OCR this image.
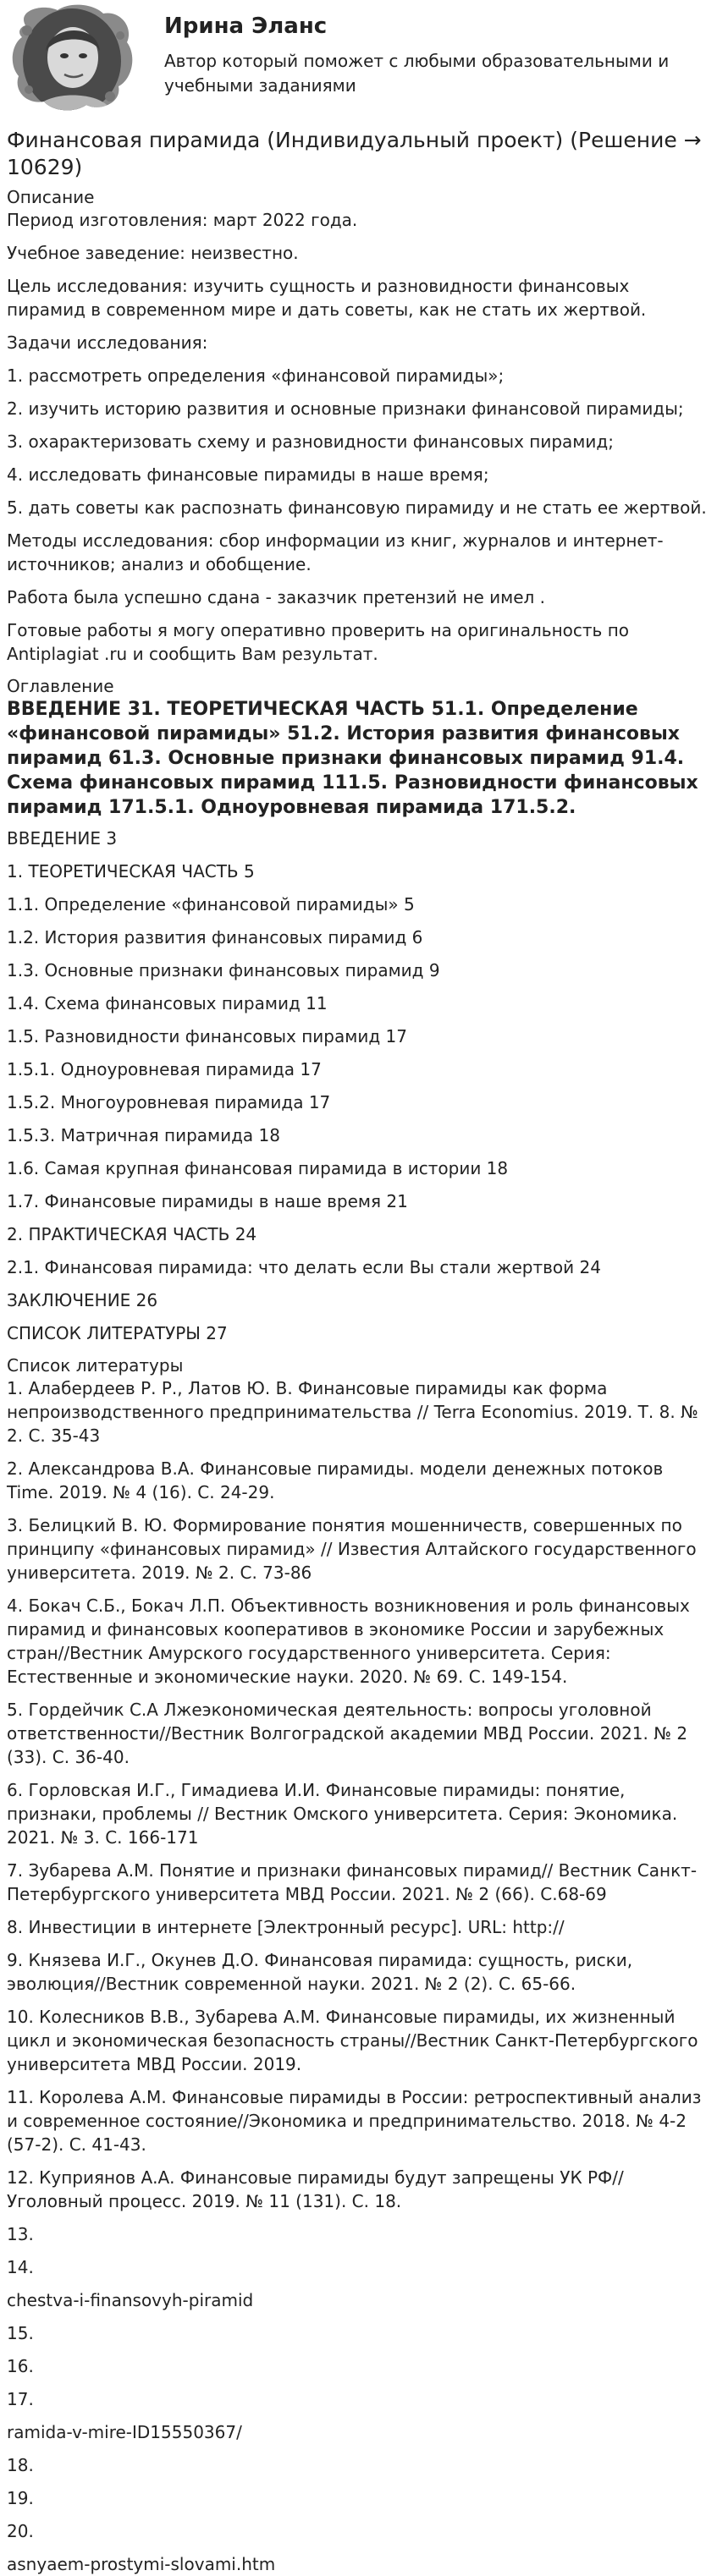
Ирина Эланс
Автор который поможет с любыми образовательными и учебными заданиями
Финансовая пирамида (Индивидуальный проект) (Решение → 10629)
Описание

Период изготовления: март 2022 года.

Учебное заведение: неизвестно.

Цель исследования: изучить сущность и разновидности финансовых пирамид в современном мире и дать советы, как не стать их жертвой.

Задачи исследования:

1. рассмотреть определения «финансовой пирамиды»;

2. изучить историю развития и основные признаки финансовой пирамиды;

3. охарактеризовать схему и разновидности финансовых пирамид;

4. исследовать финансовые пирамиды в наше время;

5. дать советы как распознать финансовую пирамиду и не стать ее жертвой.

Методы исследования: сбор информации из книг, журналов и интернет-источников; анализ и обобщение.

Работа была успешно сдана - заказчик претензий не имел .

Готовые работы я могу оперативно проверить на оригинальность по Antiplagiat .ru и сообщить Вам результат.

Оглавление
ВВЕДЕНИЕ 31. ТЕОРЕТИЧЕСКАЯ ЧАСТЬ 51.1. Определение «финансовой пирамиды» 51.2. История развития финансовых пирамид 61.3. Основные признаки финансовых пирамид 91.4. Схема финансовых пирамид 111.5. Разновидности финансовых пирамид 171.5.1. Одноуровневая пирамида 171.5.2.

ВВЕДЕНИЕ 3

1. ТЕОРЕТИЧЕСКАЯ ЧАСТЬ 5

1.1. Определение «финансовой пирамиды» 5

1.2. История развития финансовых пирамид 6

1.3. Основные признаки финансовых пирамид 9

1.4. Схема финансовых пирамид 11

1.5. Разновидности финансовых пирамид 17

1.5.1. Одноуровневая пирамида 17

1.5.2. Многоуровневая пирамида 17

1.5.3. Матричная пирамида 18

1.6. Самая крупная финансовая пирамида в истории 18

1.7. Финансовые пирамиды в наше время 21

2. ПРАКТИЧЕСКАЯ ЧАСТЬ 24

2.1. Финансовая пирамида: что делать если Вы стали жертвой 24

ЗАКЛЮЧЕНИЕ 26

СПИСОК ЛИТЕРАТУРЫ 27

Список литературы

1. Алабердеев Р. Р., Латов Ю. В. Финансовые пирамиды как форма непроизводственного предпринимательства // Terra Economius. 2019. Т. 8. № 2. С. 35-43

2. Александрова В.А. Финансовые пирамиды. модели денежных потоков Time. 2019. № 4 (16). С. 24-29.

3. Белицкий В. Ю. Формирование понятия мошенничеств, совершенных по принципу «финансовых пирамид» // Известия Алтайского государственного университета. 2019. № 2. С. 73-86

4. Бокач С.Б., Бокач Л.П. Объективность возникновения и роль финансовых пирамид и финансовых кооперативов в экономике России и зарубежных стран//Вестник Амурского государственного университета. Серия: Естественные и экономические науки. 2020. № 69. С. 149-154.

5. Гордейчик С.А Лжеэкономическая деятельность: вопросы уголовной ответственности//Вестник Волгоградской академии МВД России. 2021. № 2 (33). С. 36-40.

6. Горловская И.Г., Гимадиева И.И. Финансовые пирамиды: понятие, признаки, проблемы // Вестник Омского университета. Серия: Экономика. 2021. № 3. С. 166-171

7. Зубарева А.М. Понятие и признаки финансовых пирамид// Вестник Санкт-Петербургского университета МВД России. 2021. № 2 (66). С.68-69

8. Инвестиции в интернете [Электронный ресурс]. URL: http://

9. Князева И.Г., Окунев Д.О. Финансовая пирамида: сущность, риски, эволюция//Вестник современной науки. 2021. № 2 (2). С. 65-66.

10. Колесников В.В., Зубарева А.М. Финансовые пирамиды, их жизненный цикл и экономическая безопасность страны//Вестник Санкт-Петербургского университета МВД России. 2019.

11. Королева А.М. Финансовые пирамиды в России: ретроспективный анализ и современное состояние//Экономика и предпринимательство. 2018. № 4-2 (57-2). С. 41-43.

12. Куприянов А.А. Финансовые пирамиды будут запрещены УК РФ//Уголовный процесс. 2019. № 11 (131). С. 18.

13.

14.

chestva-i-finansovyh-piramid

15.

16.

17.

ramida-v-mire-ID15550367/

18.

19.

20.

asnyaem-prostymi-slovami.htm
